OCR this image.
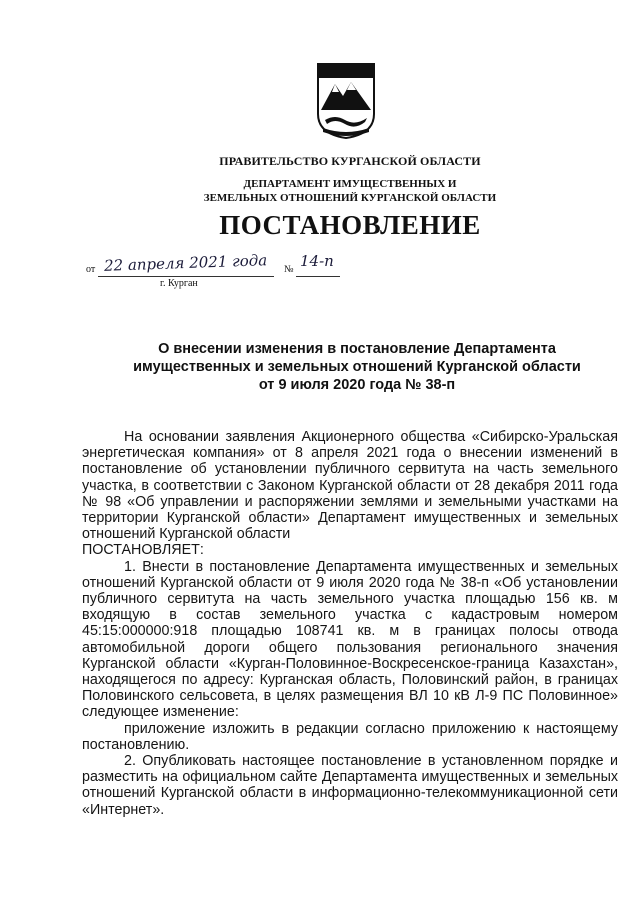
ПРАВИТЕЛЬСТВО КУРГАНСКОЙ ОБЛАСТИ
ДЕПАРТАМЕНТ ИМУЩЕСТВЕННЫХ И
ЗЕМЕЛЬНЫХ ОТНОШЕНИЙ КУРГАНСКОЙ ОБЛАСТИ
ПОСТАНОВЛЕНИЕ
от 22 апреля 2021 года № 14-п
г. Курган
О внесении изменения в постановление Департамента
имущественных и земельных отношений Курганской области
от 9 июля 2020 года № 38-п

На основании заявления Акционерного общества «Сибирско-Уральская энергетическая компания» от 8 апреля 2021 года о внесении изменений в постановление об установлении публичного сервитута на часть земельного участка, в соответствии с Законом Курганской области от 28 декабря 2011 года № 98 «Об управлении и распоряжении землями и земельными участками на территории Курганской области» Департамент имущественных и земельных отношений Курганской области

ПОСТАНОВЛЯЕТ:

1. Внести в постановление Департамента имущественных и земельных отношений Курганской области от 9 июля 2020 года № 38-п «Об установлении публичного сервитута на часть земельного участка площадью 156 кв. м входящую в состав земельного участка с кадастровым номером 45:15:000000:918 площадью 108741 кв. м в границах полосы отвода автомобильной дороги общего пользования регионального значения Курганской области «Курган-Половинное-Воскресенское-граница Казахстан», находящегося по адресу: Курганская область, Половинский район, в границах Половинского сельсовета, в целях размещения ВЛ 10 кВ Л-9 ПС Половинное» следующее изменение:

приложение изложить в редакции согласно приложению к настоящему постановлению.

2. Опубликовать настоящее постановление в установленном порядке и разместить на официальном сайте Департамента имущественных и земельных отношений Курганской области в информационно-телекоммуникационной сети «Интернет».
